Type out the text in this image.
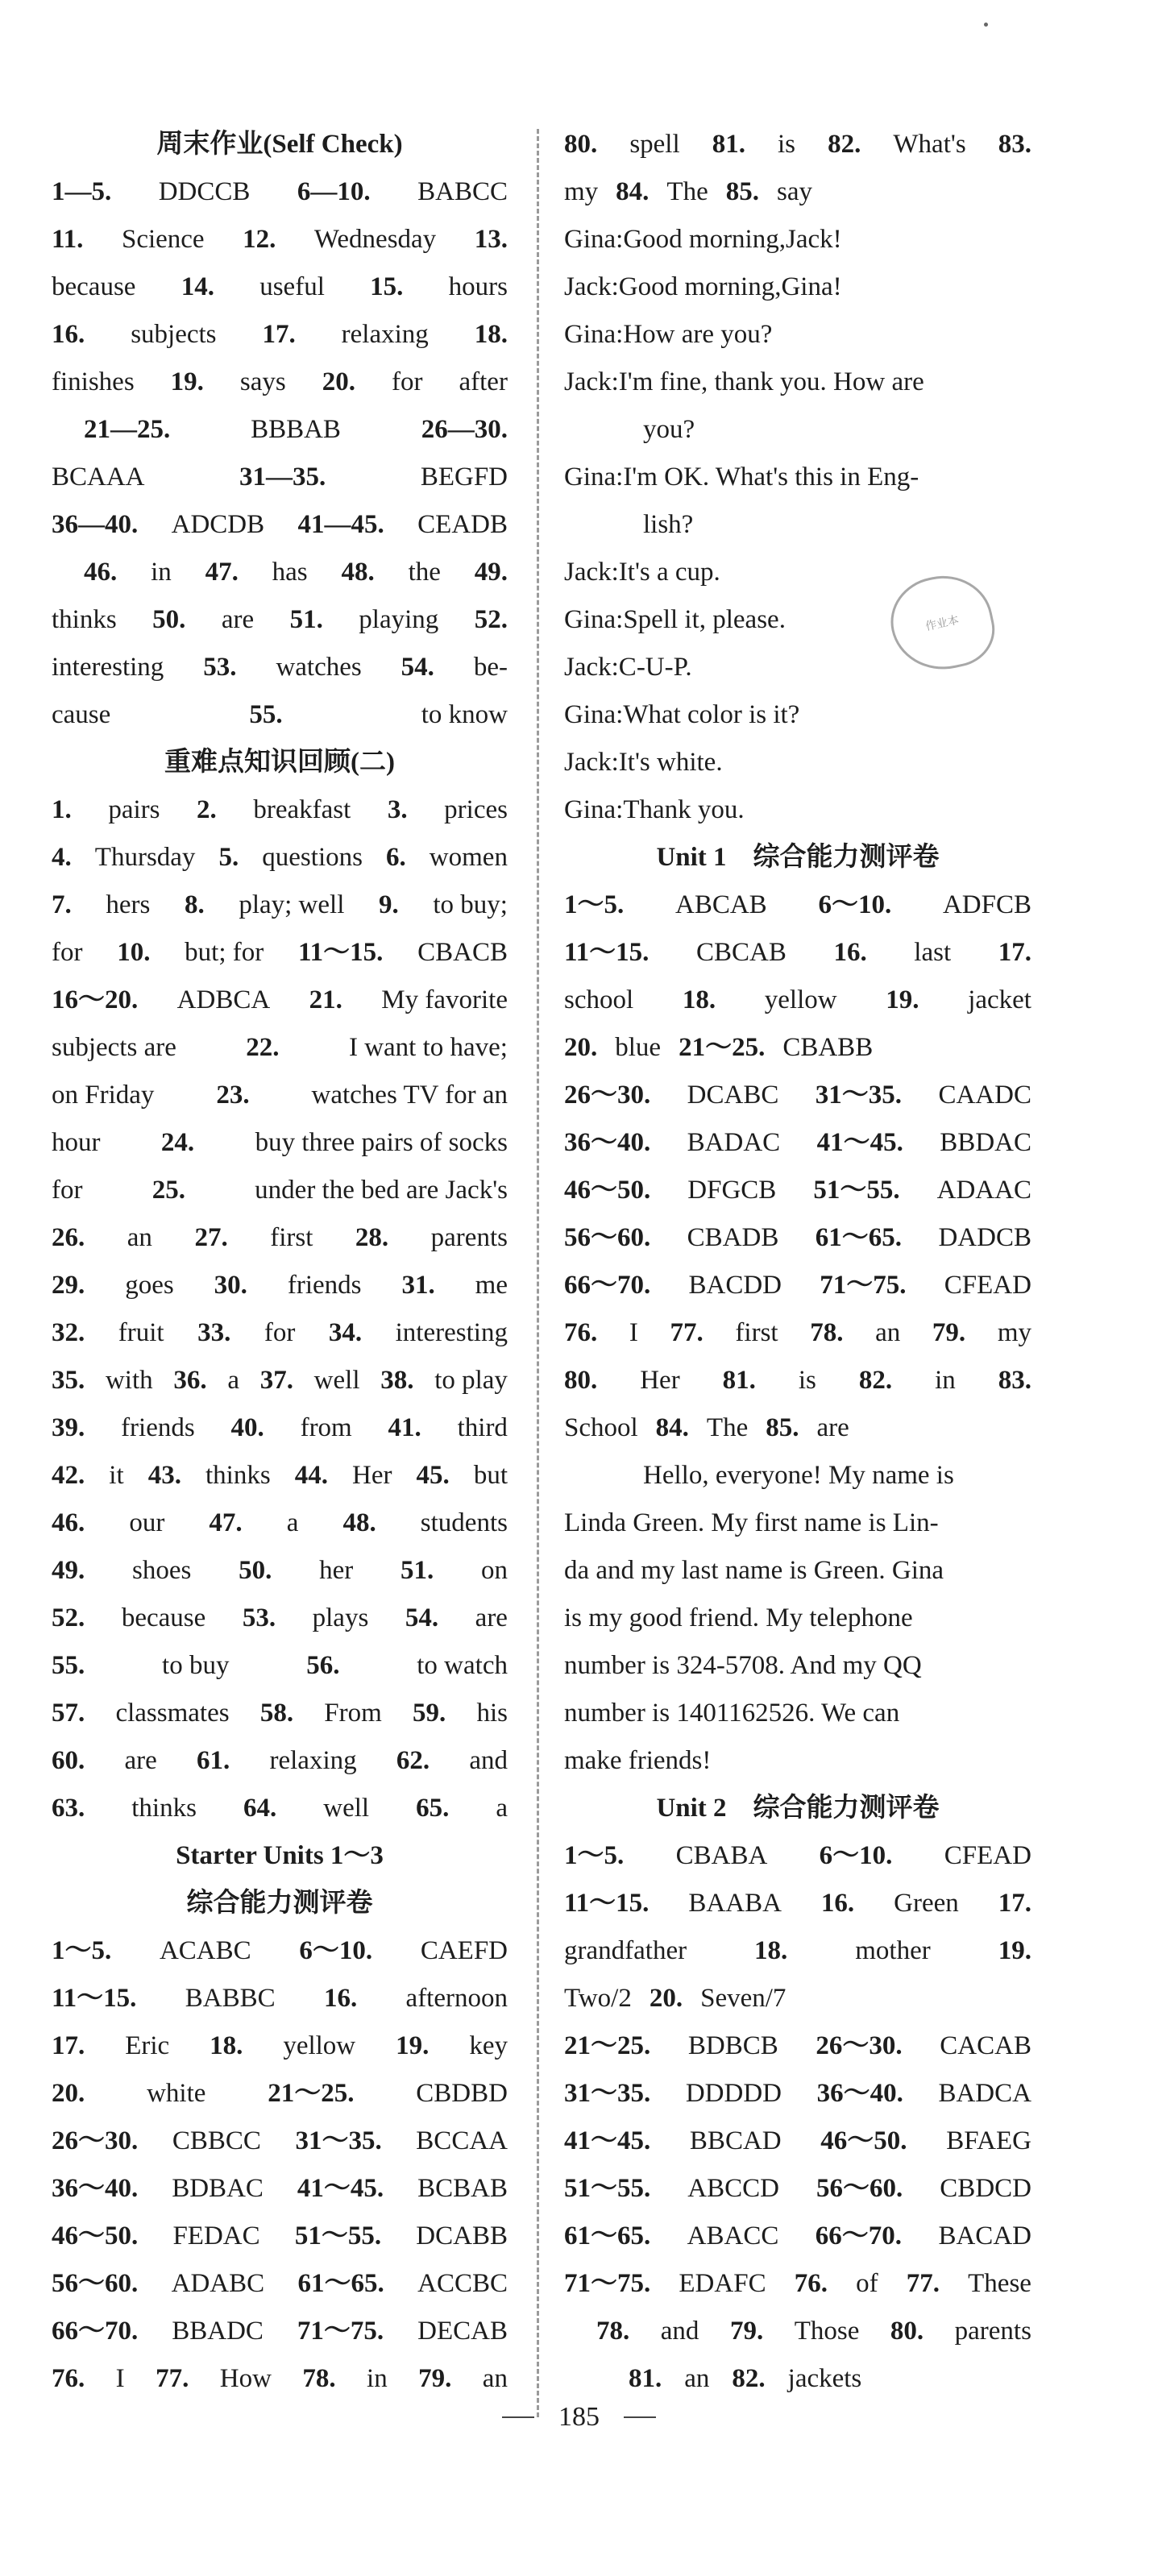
周末作业(Self Check)
1—5. DDCCB 6—10. BABCC
11. Science 12. Wednesday 13.
because 14. useful 15. hours
16. subjects 17. relaxing 18.
finishes 19. says 20. for after
21—25.	BBBAB	26—30.
BCAAA	31—35.	BEGFD
36—40. ADCDB 41—45. CEADB
46. in 47. has 48. the 49.
thinks 50. are 51. playing 52.
interesting 53. watches 54. be-
cause	55.	to know
重难点知识回顾(二)
1. pairs 2. breakfast 3. prices
4. Thursday 5. questions 6. women
7. hers 8. play; well 9. to buy;
for 10. but; for 11～15. CBACB
16～20. ADBCA 21. My favorite
subjects are	22.	I want to have;
on Friday 23. watches TV for an
hour 24. buy three pairs of socks
for	25.	under the bed are Jack's
26. an 27. first 28. parents
29. goes 30. friends 31. me
32. fruit 33. for 34. interesting
35. with 36. a 37. well 38. to play
39. friends 40. from 41. third
42. it 43. thinks 44. Her 45. but
46. our 47. a 48. students
49. shoes 50. her 51. on
52. because 53. plays 54. are
55.	to buy	56.	to watch
57. classmates 58. From 59. his
60. are 61. relaxing 62. and
63. thinks 64. well 65. a
Starter Units 1～3
综合能力测评卷
1～5. ACABC 6～10. CAEFD
11～15. BABBC 16. afternoon
17. Eric 18. yellow 19. key
20. white 21～25. CBDBD
26～30. CBBCC 31～35. BCCAA
36～40. BDBAC 41～45. BCBAB
46～50. FEDAC 51～55. DCABB
56～60. ADABC 61～65. ACCBC
66～70. BBADC 71～75. DECAB
76. I 77. How 78. in 79. an
80. spell 81. is 82. What's 83.
my 84. The 85. say
Gina:Good morning,Jack!
Jack:Good morning,Gina!
Gina:How are you?
Jack:I'm fine, thank you. How are
you?
Gina:I'm OK. What's this in Eng-
lish?
Jack:It's a cup.
Gina:Spell it, please.
Jack:C-U-P.
Gina:What color is it?
Jack:It's white.
Gina:Thank you.
Unit 1　综合能力测评卷
1～5. ABCAB 6～10. ADFCB
11～15. CBCAB 16. last 17.
school 18. yellow 19. jacket
20. blue 21～25. CBABB
26～30. DCABC 31～35. CAADC
36～40. BADAC 41～45. BBDAC
46～50. DFGCB 51～55. ADAAC
56～60. CBADB 61～65. DADCB
66～70. BACDD 71～75. CFEAD
76. I 77. first 78. an 79. my
80. Her 81. is 82. in 83.
School 84. The 85. are
Hello, everyone! My name is
Linda Green. My first name is Lin-
da and my last name is Green. Gina
is my good friend. My telephone
number is 324-5708. And my QQ
number is 1401162526. We can
make friends!
Unit 2　综合能力测评卷
1～5. CBABA 6～10. CFEAD
11～15. BAABA 16. Green 17.
grandfather	18.	mother	19.
Two/2 20. Seven/7
21～25. BDBCB 26～30. CACAB
31～35. DDDDD 36～40. BADCA
41～45. BBCAD 46～50. BFAEG
51～55. ABCCD 56～60. CBDCD
61～65. ABACC 66～70. BACAD
71～75. EDAFC 76. of 77. These
78. and 79. Those 80. parents
81. an 82. jackets
作业本
185
